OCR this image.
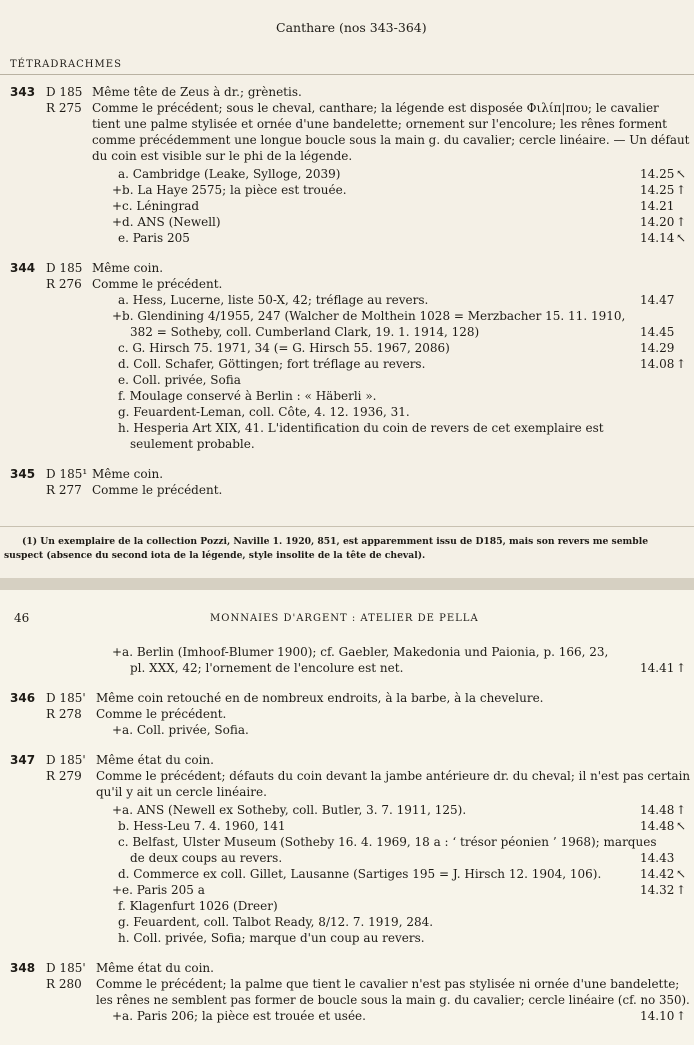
Canthare (nos 343-364)
TÉTRADRACHMES
343 D 185 Même tête de Zeus à dr.; grènetis.
R 275 Comme le précédent; sous le cheval, canthare; la légende est disposée Φιλίπ|που; le cavalier
tient une palme stylisée et ornée d'une bandelette; ornement sur l'encolure; les rênes forment
comme précédemment une longue boucle sous la main g. du cavalier; cercle linéaire. — Un défaut
du coin est visible sur le phi de la légende.
a. Cambridge (Leake, Sylloge, 2039)	14.25 ↖
+b. La Haye 2575; la pièce est trouée.	14.25 ↑
+c. Léningrad	14.21
+d. ANS (Newell)	14.20 ↑
e. Paris 205	14.14 ↖
344 D 185 Même coin.
R 276 Comme le précédent.
a. Hess, Lucerne, liste 50-X, 42; tréflage au revers.	14.47
+b. Glendining 4/1955, 247 (Walcher de Molthein 1028 = Merzbacher 15. 11. 1910,
382 = Sotheby, coll. Cumberland Clark, 19. 1. 1914, 128)	14.45
c. G. Hirsch 75. 1971, 34 (= G. Hirsch 55. 1967, 2086)	14.29
d. Coll. Schafer, Göttingen; fort tréflage au revers.	14.08 ↑
e. Coll. privée, Sofia
f. Moulage conservé à Berlin : « Häberli ».
g. Feuardent-Leman, coll. Côte, 4. 12. 1936, 31.
h. Hesperia Art XIX, 41. L'identification du coin de revers de cet exemplaire est
seulement probable.
345 D 185¹ Même coin.
R 277 Comme le précédent.
(1) Un exemplaire de la collection Pozzi, Naville 1. 1920, 851, est apparemment issu de D185, mais son revers me semble
suspect (absence du second iota de la légende, style insolite de la tête de cheval).
46	MONNAIES D'ARGENT : ATELIER DE PELLA
+a. Berlin (Imhoof-Blumer 1900); cf. Gaebler, Makedonia und Paionia, p. 166, 23,
pl. XXX, 42; l'ornement de l'encolure est net.	14.41 ↑
346 D 185' Même coin retouché en de nombreux endroits, à la barbe, à la chevelure.
R 278 Comme le précédent.
+a. Coll. privée, Sofia.
347 D 185' Même état du coin.
R 279 Comme le précédent; défauts du coin devant la jambe antérieure dr. du cheval; il n'est pas certain
qu'il y ait un cercle linéaire.
+a. ANS (Newell ex Sotheby, coll. Butler, 3. 7. 1911, 125).	14.48 ↑
b. Hess-Leu 7. 4. 1960, 141	14.48 ↖
c. Belfast, Ulster Museum (Sotheby 16. 4. 1969, 18 a : ‘ trésor péonien ’ 1968); marques
de deux coups au revers.	14.43
d. Commerce ex coll. Gillet, Lausanne (Sartiges 195 = J. Hirsch 12. 1904, 106).	14.42 ↖
+e. Paris 205 a	14.32 ↑
f. Klagenfurt 1026 (Dreer)
g. Feuardent, coll. Talbot Ready, 8/12. 7. 1919, 284.
h. Coll. privée, Sofia; marque d'un coup au revers.
348 D 185' Même état du coin.
R 280 Comme le précédent; la palme que tient le cavalier n'est pas stylisée ni ornée d'une bandelette;
les rênes ne semblent pas former de boucle sous la main g. du cavalier; cercle linéaire (cf. no 350).
+a. Paris 206; la pièce est trouée et usée.	14.10 ↑
